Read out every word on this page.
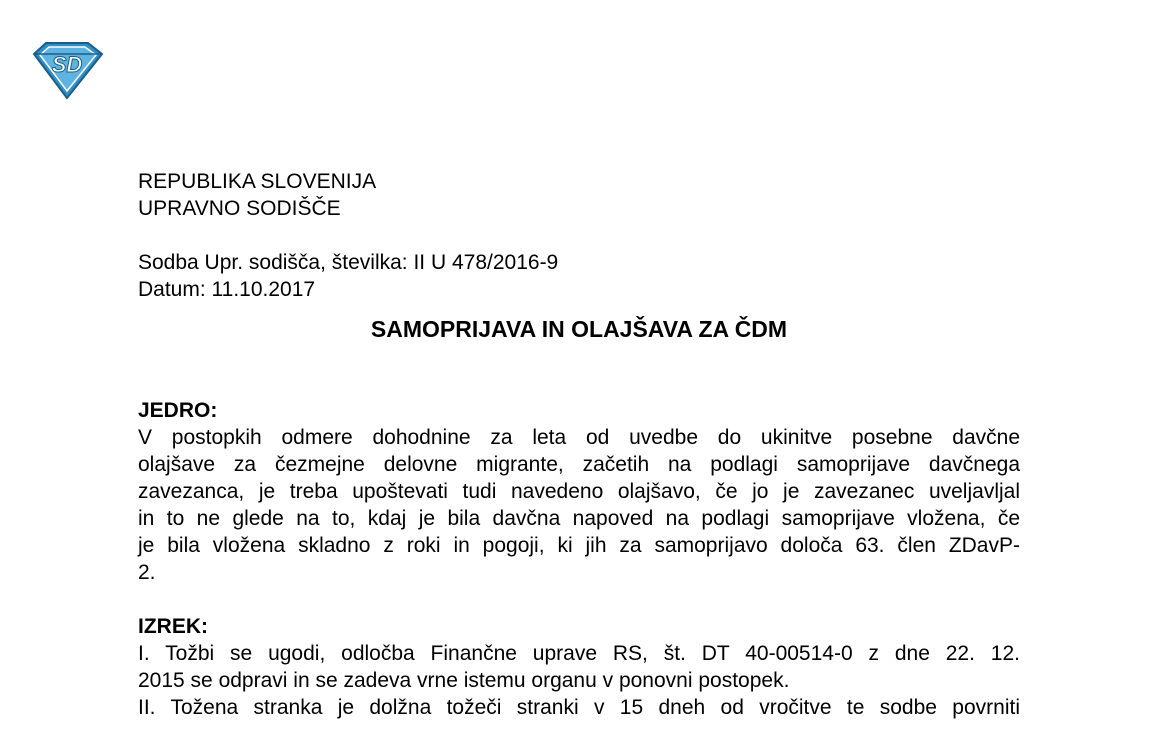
SD
REPUBLIKA SLOVENIJA
UPRAVNO SODIŠČE
Sodba Upr. sodišča, številka: II U 478/2016-9
Datum: 11.10.2017
SAMOPRIJAVA IN OLAJŠAVA ZA ČDM
JEDRO:
V postopkih odmere dohodnine za leta od uvedbe do ukinitve posebne davčne
olajšave za čezmejne delovne migrante, začetih na podlagi samoprijave davčnega
zavezanca, je treba upoštevati tudi navedeno olajšavo, če jo je zavezanec uveljavljal
in to ne glede na to, kdaj je bila davčna napoved na podlagi samoprijave vložena, če
je bila vložena skladno z roki in pogoji, ki jih za samoprijavo določa 63. člen ZDavP-
2.
IZREK:
I. Tožbi se ugodi, odločba Finančne uprave RS, št. DT 40-00514-0 z dne 22. 12.
2015 se odpravi in se zadeva vrne istemu organu v ponovni postopek.
II. Tožena stranka je dolžna tožeči stranki v 15 dneh od vročitve te sodbe povrniti
